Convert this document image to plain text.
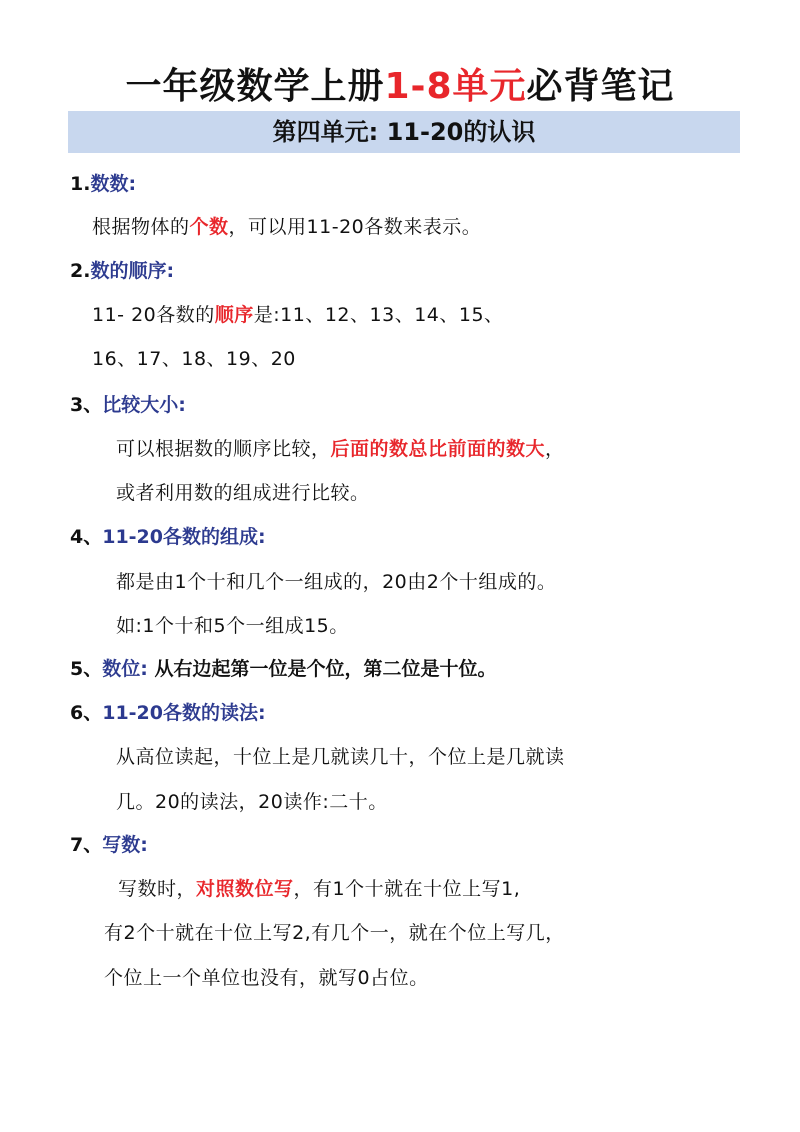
一年级数学上册1-8单元必背笔记
第四单元: 11-20的认识
1.数数:
根据物体的个数，可以用11-20各数来表示。
2.数的顺序:
11- 20各数的顺序是:11、12、13、14、15、
16、17、18、19、20
3、比较大小:
可以根据数的顺序比较，后面的数总比前面的数大，
或者利用数的组成进行比较。
4、11-20各数的组成:
都是由1个十和几个一组成的，20由2个十组成的。
如:1个十和5个一组成15。
5、数位: 从右边起第一位是个位，第二位是十位。
6、11-20各数的读法:
从高位读起，十位上是几就读几十，个位上是几就读
几。20的读法，20读作:二十。
7、写数:
写数时，对照数位写，有1个十就在十位上写1,
有2个十就在十位上写2,有几个一，就在个位上写几，
个位上一个单位也没有，就写0占位。
